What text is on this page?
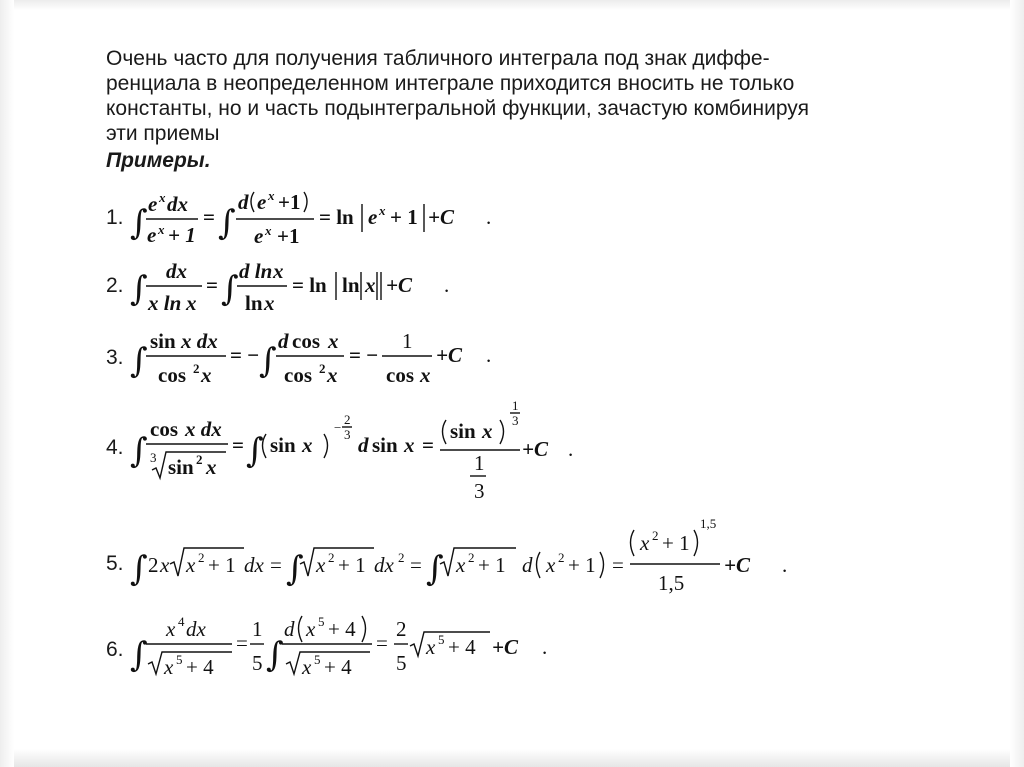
Очень часто для получения табличного интеграла под знак диффе-
ренциала в неопределенном интеграле приходится вносить не только
константы, но и часть подынтегральной функции, зачастую комбинируя
эти приемы

Примеры.

1. ∫ e x dx
e x + 1
= ∫
d e x +1
e x +1
= ln e x + 1 +C .
2. ∫ dx
x ln x
= ∫ d ln x
ln x
= ln ln x +C .
3. ∫ sin x dx
cos 2 x
= − ∫ d cos x
cos 2 x
= −
1
cos x
+C .
4. ∫
cos x dx
3 sin 2 x
= ∫ sin x
−
2
3 d sin x =
sin x
1
3
1
3
+C .
5. ∫ 2 x x 2 + 1 dx = ∫ x 2 + 1 dx 2 = ∫ x 2 + 1 d x 2 + 1 =
x 2 + 1
1,5
1,5
+C .
6. ∫
x 4 dx
x 5 + 4
=
1
5 ∫
d x 5 + 4
x 5 + 4
=
2
5
x 5 + 4 +C .
